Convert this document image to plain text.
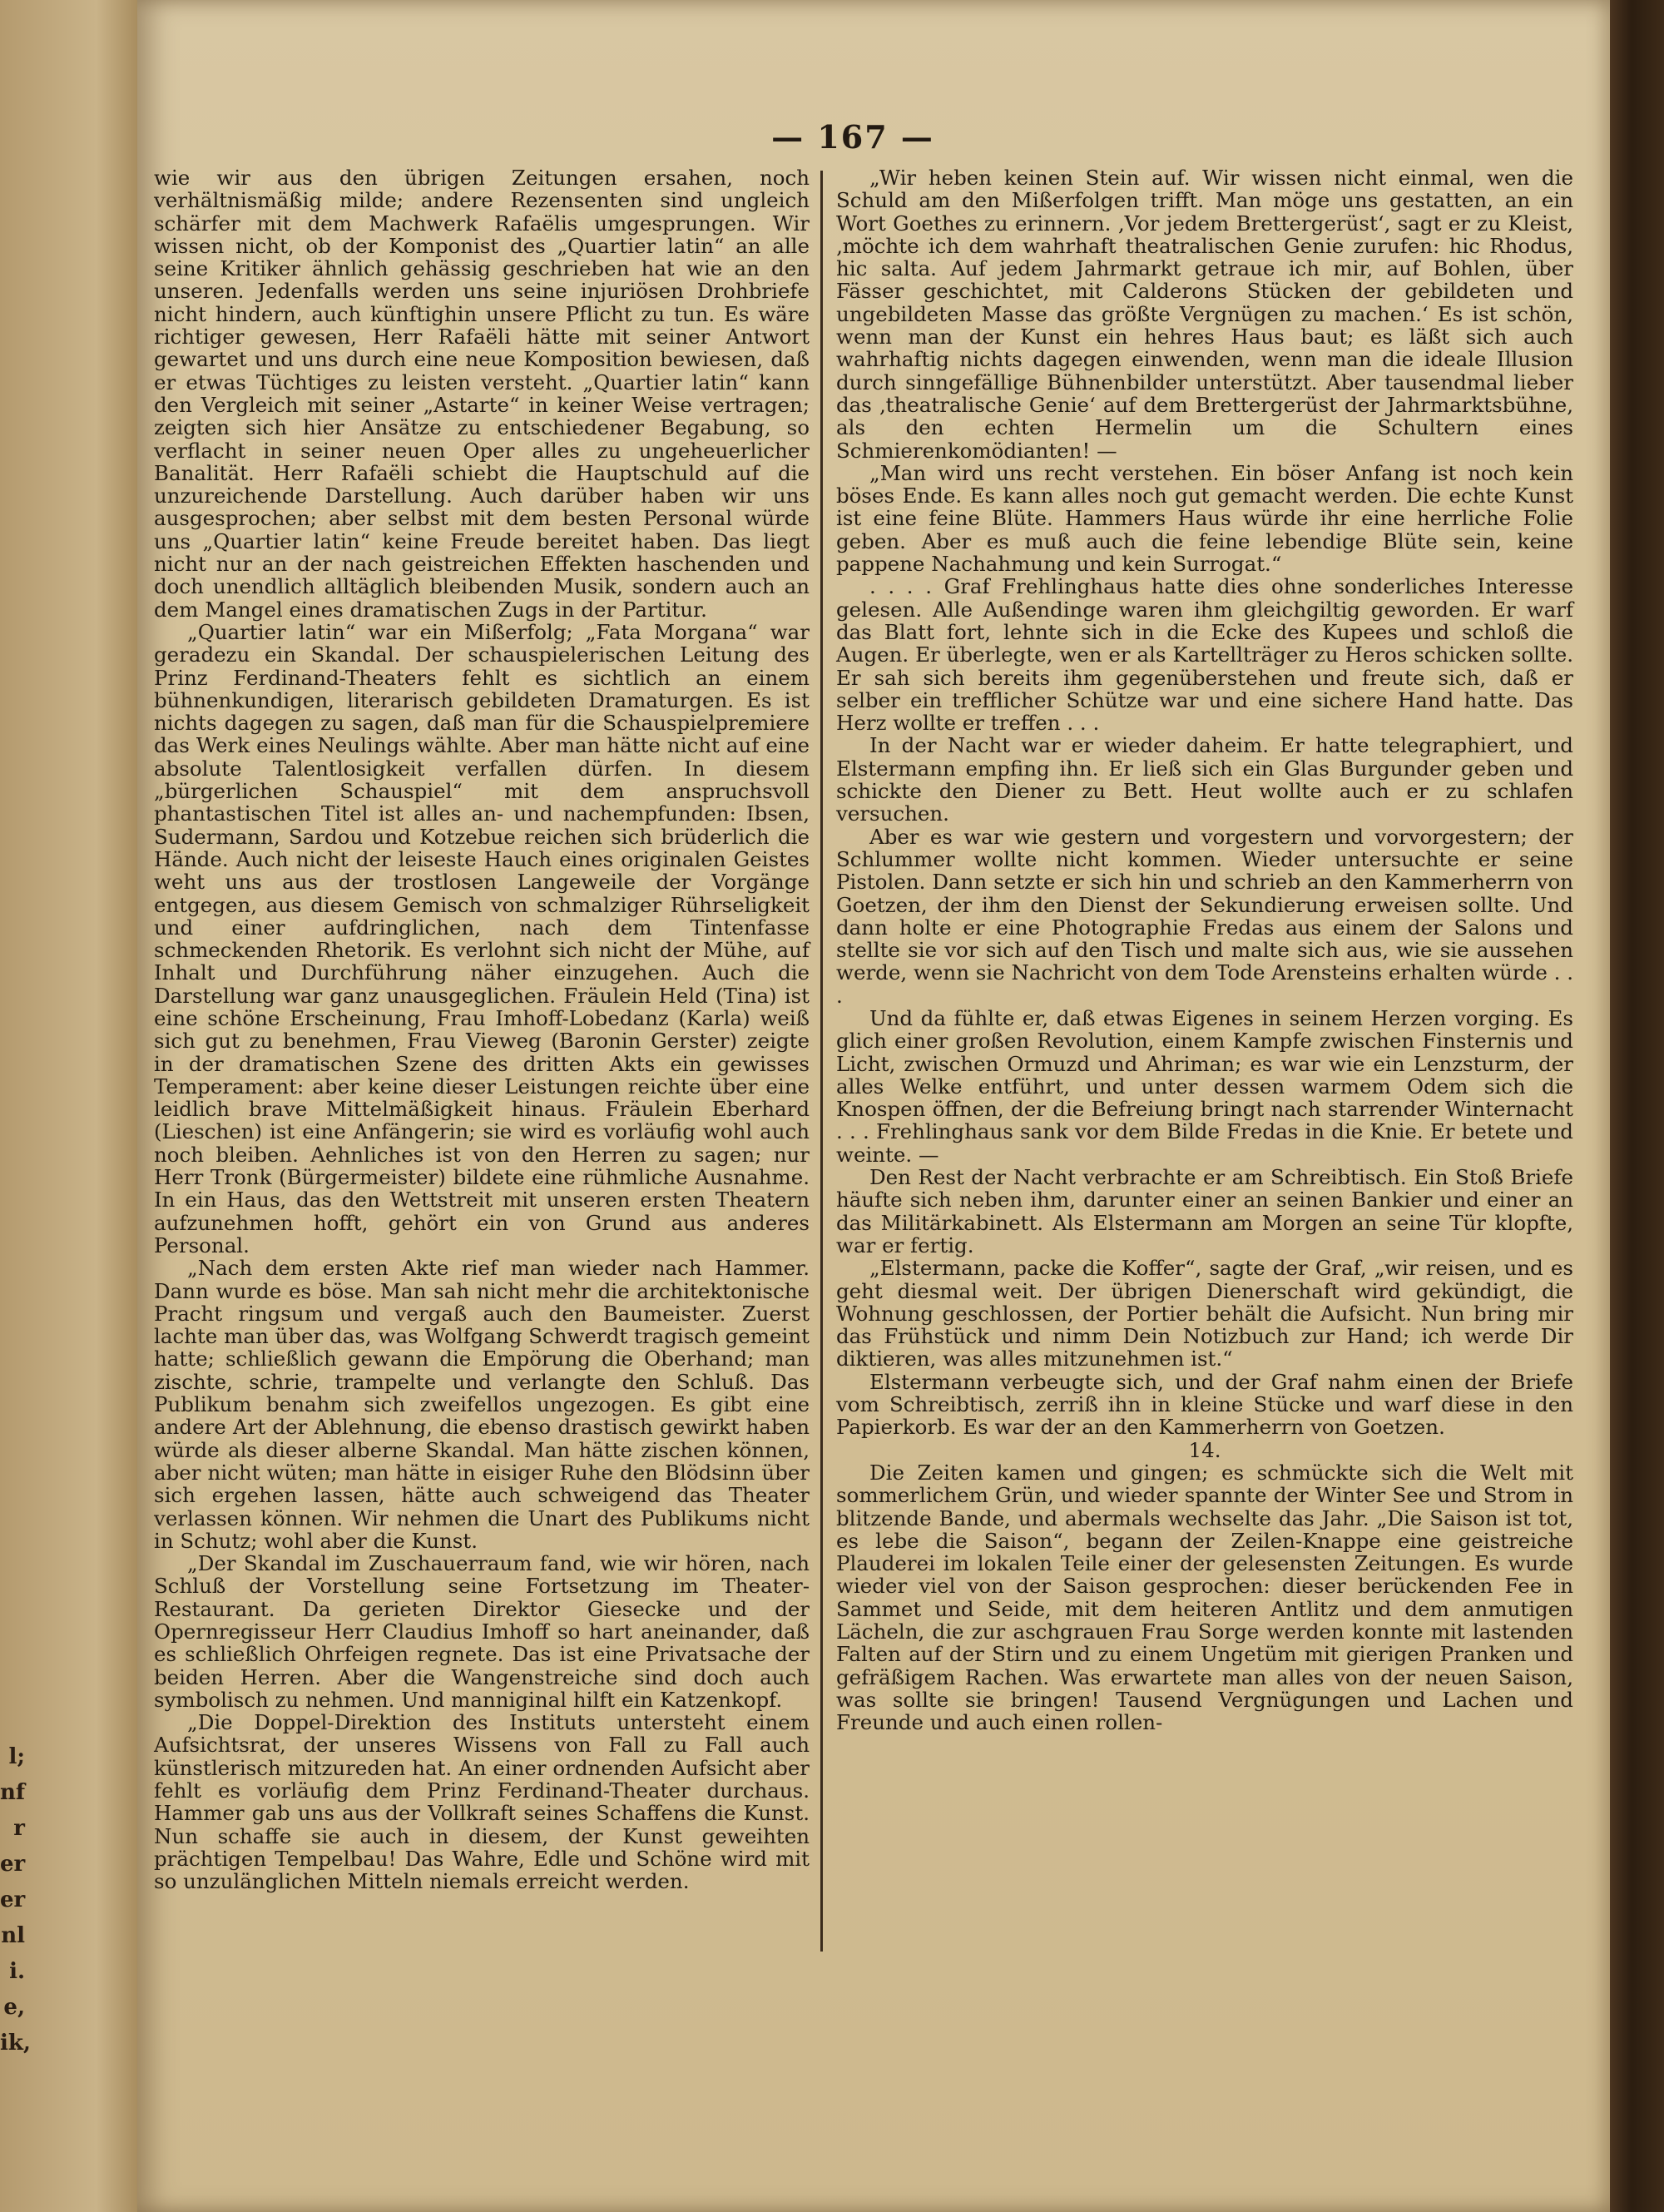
l;
nf
r
er
er
nl
i.
e,
ik,
— 167 —

wie wir aus den übrigen Zeitungen ersahen, noch verhältnismäßig milde; andere Rezensenten sind ungleich schärfer mit dem Machwerk Rafaëlis umgesprungen. Wir wissen nicht, ob der Komponist des „Quartier latin“ an alle seine Kritiker ähnlich gehässig geschrieben hat wie an den unseren. Jedenfalls werden uns seine injuriösen Drohbriefe nicht hindern, auch künftighin unsere Pflicht zu tun. Es wäre richtiger gewesen, Herr Rafaëli hätte mit seiner Antwort gewartet und uns durch eine neue Komposition bewiesen, daß er etwas Tüchtiges zu leisten versteht. „Quartier latin“ kann den Vergleich mit seiner „Astarte“ in keiner Weise vertragen; zeigten sich hier Ansätze zu entschiedener Begabung, so verflacht in seiner neuen Oper alles zu ungeheuerlicher Banalität. Herr Rafaëli schiebt die Hauptschuld auf die unzureichende Darstellung. Auch darüber haben wir uns ausgesprochen; aber selbst mit dem besten Personal würde uns „Quartier latin“ keine Freude bereitet haben. Das liegt nicht nur an der nach geistreichen Effekten haschenden und doch unendlich alltäglich bleibenden Musik, sondern auch an dem Mangel eines dramatischen Zugs in der Partitur.

„Quartier latin“ war ein Mißerfolg; „Fata Morgana“ war geradezu ein Skandal. Der schauspielerischen Leitung des Prinz Ferdinand-Theaters fehlt es sichtlich an einem bühnenkundigen, literarisch gebildeten Dramaturgen. Es ist nichts dagegen zu sagen, daß man für die Schauspielpremiere das Werk eines Neulings wählte. Aber man hätte nicht auf eine absolute Talentlosigkeit verfallen dürfen. In diesem „bürgerlichen Schauspiel“ mit dem anspruchsvoll phantastischen Titel ist alles an- und nachempfunden: Ibsen, Sudermann, Sardou und Kotzebue reichen sich brüderlich die Hände. Auch nicht der leiseste Hauch eines originalen Geistes weht uns aus der trostlosen Langeweile der Vorgänge entgegen, aus diesem Gemisch von schmalziger Rührseligkeit und einer aufdringlichen, nach dem Tintenfasse schmeckenden Rhetorik. Es verlohnt sich nicht der Mühe, auf Inhalt und Durchführung näher einzugehen. Auch die Darstellung war ganz unausgeglichen. Fräulein Held (Tina) ist eine schöne Erscheinung, Frau Imhoff-Lobedanz (Karla) weiß sich gut zu benehmen, Frau Vieweg (Baronin Gerster) zeigte in der dramatischen Szene des dritten Akts ein gewisses Temperament: aber keine dieser Leistungen reichte über eine leidlich brave Mittelmäßigkeit hinaus. Fräulein Eberhard (Lieschen) ist eine Anfängerin; sie wird es vorläufig wohl auch noch bleiben. Aehnliches ist von den Herren zu sagen; nur Herr Tronk (Bürgermeister) bildete eine rühmliche Ausnahme. In ein Haus, das den Wettstreit mit unseren ersten Theatern aufzunehmen hofft, gehört ein von Grund aus anderes Personal.

„Nach dem ersten Akte rief man wieder nach Hammer. Dann wurde es böse. Man sah nicht mehr die architektonische Pracht ringsum und vergaß auch den Baumeister. Zuerst lachte man über das, was Wolfgang Schwerdt tragisch gemeint hatte; schließlich gewann die Empörung die Oberhand; man zischte, schrie, trampelte und verlangte den Schluß. Das Publikum benahm sich zweifellos ungezogen. Es gibt eine andere Art der Ablehnung, die ebenso drastisch gewirkt haben würde als dieser alberne Skandal. Man hätte zischen können, aber nicht wüten; man hätte in eisiger Ruhe den Blödsinn über sich ergehen lassen, hätte auch schweigend das Theater verlassen können. Wir nehmen die Unart des Publikums nicht in Schutz; wohl aber die Kunst.

„Der Skandal im Zuschauerraum fand, wie wir hören, nach Schluß der Vorstellung seine Fortsetzung im Theater-Restaurant. Da gerieten Direktor Giesecke und der Opernregisseur Herr Claudius Imhoff so hart aneinander, daß es schließlich Ohrfeigen regnete. Das ist eine Privatsache der beiden Herren. Aber die Wangenstreiche sind doch auch symbolisch zu nehmen. Und manniginal hilft ein Katzenkopf.

„Die Doppel-Direktion des Instituts untersteht einem Aufsichtsrat, der unseres Wissens von Fall zu Fall auch künstlerisch mitzureden hat. An einer ordnenden Aufsicht aber fehlt es vorläufig dem Prinz Ferdinand-Theater durchaus. Hammer gab uns aus der Vollkraft seines Schaffens die Kunst. Nun schaffe sie auch in diesem, der Kunst geweihten prächtigen Tempelbau! Das Wahre, Edle und Schöne wird mit so unzulänglichen Mitteln niemals erreicht werden.

„Wir heben keinen Stein auf. Wir wissen nicht einmal, wen die Schuld am den Mißerfolgen trifft. Man möge uns gestatten, an ein Wort Goethes zu erinnern. ‚Vor jedem Brettergerüst‘, sagt er zu Kleist, ‚möchte ich dem wahrhaft theatralischen Genie zurufen: hic Rhodus, hic salta. Auf jedem Jahrmarkt getraue ich mir, auf Bohlen, über Fässer geschichtet, mit Calderons Stücken der gebildeten und ungebildeten Masse das größte Vergnügen zu machen.‘ Es ist schön, wenn man der Kunst ein hehres Haus baut; es läßt sich auch wahrhaftig nichts dagegen einwenden, wenn man die ideale Illusion durch sinngefällige Bühnenbilder unterstützt. Aber tausendmal lieber das ‚theatralische Genie‘ auf dem Brettergerüst der Jahrmarktsbühne, als den echten Hermelin um die Schultern eines Schmierenkomödianten! —

„Man wird uns recht verstehen. Ein böser Anfang ist noch kein böses Ende. Es kann alles noch gut gemacht werden. Die echte Kunst ist eine feine Blüte. Hammers Haus würde ihr eine herrliche Folie geben. Aber es muß auch die feine lebendige Blüte sein, keine pappene Nachahmung und kein Surrogat.“

. . . . Graf Frehlinghaus hatte dies ohne sonderliches Interesse gelesen. Alle Außendinge waren ihm gleichgiltig geworden. Er warf das Blatt fort, lehnte sich in die Ecke des Kupees und schloß die Augen. Er überlegte, wen er als Kartellträger zu Heros schicken sollte. Er sah sich bereits ihm gegenüberstehen und freute sich, daß er selber ein trefflicher Schütze war und eine sichere Hand hatte. Das Herz wollte er treffen . . .

In der Nacht war er wieder daheim. Er hatte telegraphiert, und Elstermann empfing ihn. Er ließ sich ein Glas Burgunder geben und schickte den Diener zu Bett. Heut wollte auch er zu schlafen versuchen.

Aber es war wie gestern und vorgestern und vorvorgestern; der Schlummer wollte nicht kommen. Wieder untersuchte er seine Pistolen. Dann setzte er sich hin und schrieb an den Kammerherrn von Goetzen, der ihm den Dienst der Sekundierung erweisen sollte. Und dann holte er eine Photographie Fredas aus einem der Salons und stellte sie vor sich auf den Tisch und malte sich aus, wie sie aussehen werde, wenn sie Nachricht von dem Tode Arensteins erhalten würde . . .

Und da fühlte er, daß etwas Eigenes in seinem Herzen vorging. Es glich einer großen Revolution, einem Kampfe zwischen Finsternis und Licht, zwischen Ormuzd und Ahriman; es war wie ein Lenzsturm, der alles Welke entführt, und unter dessen warmem Odem sich die Knospen öffnen, der die Befreiung bringt nach starrender Winternacht . . . Frehlinghaus sank vor dem Bilde Fredas in die Knie. Er betete und weinte. —

Den Rest der Nacht verbrachte er am Schreibtisch. Ein Stoß Briefe häufte sich neben ihm, darunter einer an seinen Bankier und einer an das Militärkabinett. Als Elstermann am Morgen an seine Tür klopfte, war er fertig.

„Elstermann, packe die Koffer“, sagte der Graf, „wir reisen, und es geht diesmal weit. Der übrigen Dienerschaft wird gekündigt, die Wohnung geschlossen, der Portier behält die Aufsicht. Nun bring mir das Frühstück und nimm Dein Notizbuch zur Hand; ich werde Dir diktieren, was alles mitzunehmen ist.“

Elstermann verbeugte sich, und der Graf nahm einen der Briefe vom Schreibtisch, zerriß ihn in kleine Stücke und warf diese in den Papierkorb. Es war der an den Kammerherrn von Goetzen.

14.

Die Zeiten kamen und gingen; es schmückte sich die Welt mit sommerlichem Grün, und wieder spannte der Winter See und Strom in blitzende Bande, und abermals wechselte das Jahr. „Die Saison ist tot, es lebe die Saison“, begann der Zeilen-Knappe eine geistreiche Plauderei im lokalen Teile einer der gelesensten Zeitungen. Es wurde wieder viel von der Saison gesprochen: dieser berückenden Fee in Sammet und Seide, mit dem heiteren Antlitz und dem anmutigen Lächeln, die zur aschgrauen Frau Sorge werden konnte mit lastenden Falten auf der Stirn und zu einem Ungetüm mit gierigen Pranken und gefräßigem Rachen. Was erwartete man alles von der neuen Saison, was sollte sie bringen! Tausend Vergnügungen und Lachen und Freunde und auch einen rollen-
